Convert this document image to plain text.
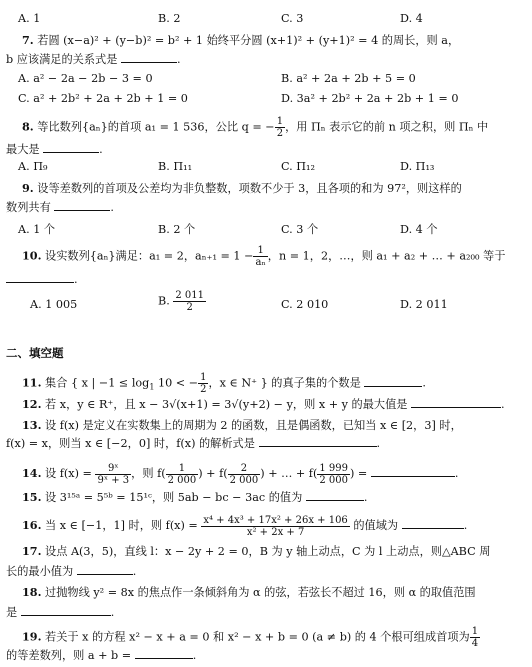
A. 1	B. 2	C. 3	D. 4
7. 若圆 (x−a)² + (y−b)² = b² + 1 始终平分圆 (x+1)² + (y+1)² = 4 的周长，则 a，
b 应该满足的关系式是	.
A. a² − 2a − 2b − 3 = 0	B. a² + 2a + 2b + 5 = 0
C. a² + 2b² + 2a + 2b + 1 = 0	D. 3a² + 2b² + 2a + 2b + 1 = 0
8. 等比数列{aₙ}的首项 a₁ = 1 536，公比 q = − $\frac{1}{2}$ ，用 Πₙ 表示它的前 n 项之积，则 Πₙ 中
最大是	.
A. Π₉	B. Π₁₁	C. Π₁₂	D. Π₁₃
9. 设等差数列的首项及公差均为非负整数，项数不少于 3，且各项的和为 97²，则这样的
数列共有	.
A. 1 个	B. 2 个	C. 3 个	D. 4 个
10. 设实数列{aₙ}满足：a₁ = 2，$a_{n+1} = 1 - \frac{1}{\text{aₙ}}$ ，n = 1，2，…，则 a₁ + a₂ + … + a₂₀₀ 等于
.
A. 1 005	B. $\frac{2 011}{2}$	C. 2 010	D. 2 011
二、填空题
11. 集合 { x | $-1 \le \log_1 10$ < − $\frac{1}{2}$ ，x ∈ N⁺ } 的真子集的个数是	.
12. 若 x，y ∈ R⁺，且 x − 3√(x+1) = 3√(y+2) − y，则 x + y 的最大值是	.
13. 设 f(x) 是定义在实数集上的周期为 2 的函数，且是偶函数，已知当 x ∈ [2，3] 时，
f(x) = x，则当 x ∈ [−2，0] 时，f(x) 的解析式是	.
14. 设 $f(x) = \frac{\text{9ˣ}}{\text{9ˣ + 3}}$ ，则 $f( \frac{1}{2 000}$ ) + $f( \frac{2}{2 000}$ ) + … + $f( \frac{1 999}{2 000}$ ) =	.
15. 设 3¹⁵ᵃ = 5⁵ᵇ = 15¹ᶜ，则 5ab − bc − 3ac 的值为	.
16. 当 x ∈ [−1，1] 时，则 $f(x) = \frac{\text{x⁴ + 4x³ + 17x² + 26x + 106}}{\text{x² + 2x + 7}}$ 的值域为	.
17. 设点 A(3，5)，直线 l：x − 2y + 2 = 0，B 为 y 轴上动点，C 为 l 上动点，则△ABC 周
长的最小值为	.
18. 过抛物线 y² = 8x 的焦点作一条倾斜角为 α 的弦，若弦长不超过 16，则 α 的取值范围
是	.
19. 若关于 x 的方程 x² − x + a = 0 和 x² − x + b = 0 (a ≠ b) 的 4 个根可组成首项为 $\frac{1}{4}$
的等差数列，则 a + b =	.
